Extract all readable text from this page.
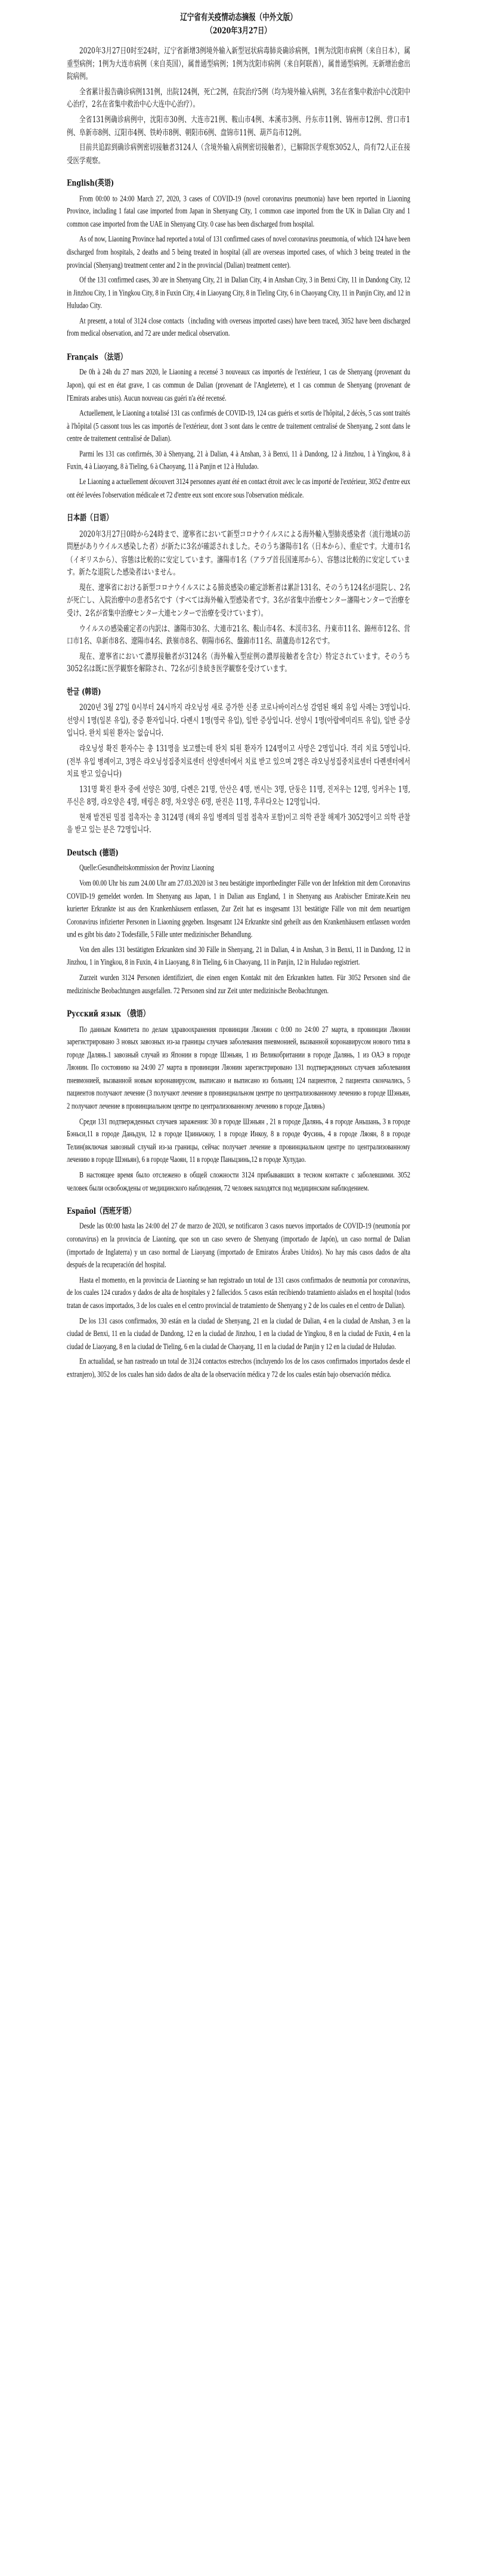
辽宁省有关疫情动态摘报（中外文版）
（2020年3月27日）

2020年3月27日0时至24时，辽宁省新增3例境外输入新型冠状病毒肺炎确诊病例，1例为沈阳市病例（来自日本），属重型病例；1例为大连市病例（来自英国），属普通型病例；1例为沈阳市病例（来自阿联酋），属普通型病例。无新增治愈出院病例。

全省累计报告确诊病例131例，出院124例，死亡2例，在院治疗5例（均为境外输入病例，3名在省集中救治中心沈阳中心治疗，2名在省集中救治中心大连中心治疗）。

全省131例确诊病例中，沈阳市30例、大连市21例、鞍山市4例、本溪市3例、丹东市11例、锦州市12例、营口市1例、阜新市8例、辽阳市4例、铁岭市8例、朝阳市6例、盘锦市11例、葫芦岛市12例。

目前共追踪到确诊病例密切接触者3124人（含境外输入病例密切接触者），已解除医学观察3052人，尚有72人正在接受医学观察。

English(英语)

From 00:00 to 24:00 March 27, 2020, 3 cases of COVID-19 (novel coronavirus pneumonia) have been reported in Liaoning Province, including 1 fatal case imported from Japan in Shenyang City, 1 common case imported from the UK in Dalian City and 1 common case imported from the UAE in Shenyang City. 0 case has been discharged from hospital.

As of now, Liaoning Province had reported a total of 131 confirmed cases of novel coronavirus pneumonia, of which 124 have been discharged from hospitals, 2 deaths and 5 being treated in hospital (all are overseas imported cases, of which 3 being treated in the provincial (Shenyang) treatment center and 2 in the provincial (Dalian) treatment center).

Of the 131 confirmed cases, 30 are in Shenyang City, 21 in Dalian City, 4 in Anshan City, 3 in Benxi City, 11 in Dandong City, 12 in Jinzhou City, 1 in Yingkou City, 8 in Fuxin City, 4 in Liaoyang City, 8 in Tieling City, 6 in Chaoyang City, 11 in Panjin City, and 12 in Huludao City.

At present, a total of 3124 close contacts（including with overseas imported cases) have been traced, 3052 have been discharged from medical observation, and 72 are under medical observation.

Français （法语）

De 0h à 24h du 27 mars 2020, le Liaoning a recensé 3 nouveaux cas importés de l'extérieur, 1 cas de Shenyang (provenant du Japon), qui est en état grave, 1 cas commun de Dalian (provenant de l'Angleterre), et 1 cas commun de Shenyang (provenant de l'Emirats arabes unis). Aucun nouveau cas guéri n'a été recensé.

Actuellement, le Liaoning a totalisé 131 cas confirmés de COVID-19, 124 cas guéris et sortis de l'hôpital, 2 décès, 5 cas sont traités à l'hôpital (5 cassont tous les cas importés de l'extérieur, dont 3 sont dans le centre de traitement centralisé de Shenyang, 2 sont dans le centre de traitement centralisé de Dalian).

Parmi les 131 cas confirmés, 30 à Shenyang, 21 à Dalian, 4 à Anshan, 3 à Benxi, 11 à Dandong, 12 à Jinzhou, 1 à Yingkou, 8 à Fuxin, 4 à Liaoyang, 8 à Tieling, 6 à Chaoyang, 11 à Panjin et 12 à Huludao.

Le Liaoning a actuellement découvert 3124 personnes ayant été en contact étroit avec le cas importé de l'extérieur, 3052 d'entre eux ont été levées l'observation médicale et 72 d'entre eux sont encore sous l'observation médicale.

日本語（日语）

2020年3月27日0時から24時まで、遼寧省において新型コロナウイルスによる海外輸入型肺炎感染者（流行地域の訪問歴がありウイルス感染した者）が新たに3名が確認されました。そのうち瀋陽市1名（日本から）、重症です。大連市1名（イギリスから）、容態は比較的に安定しています。瀋陽市1名（アラブ首長国連邦から）、容態は比較的に安定しています。新たな退院した感染者はいません。

現在、遼寧省における新型コロナウイルスによる肺炎感染の確定診断者は累計131名、そのうち124名が退院し、2名が死亡し、入院治療中の患者5名です（すべては海外輸入型感染者です。3名が省集中治療センター瀋陽センターで治療を受け、2名が省集中治療センター大連センターで治療を受けています）。

ウイルスの感染確定者の内訳は、瀋陽市30名、大連市21名、鞍山市4名、本渓市3名、丹東市11名、錦州市12名、営口市1名、阜新市8名、遼陽市4名、鉄嶺市8名、朝陽市6名、盤錦市11名、葫蘆島市12名です。

現在、遼寧省において濃厚接触者が3124名（海外輸入型症例の濃厚接触者を含む）特定されています。そのうち3052名は既に医学観察を解除され、72名が引き続き医学観察を受けています。

한글 (韩语)

2020년 3월 27일 0시부터 24시까지 랴오닝성 새로 증가한 신종 코로나바이러스성 감염된 해외 유입 사례는 3명입니다. 선양시 1명(일본 유입), 중증 환자입니다. 다롄시 1명(영국 유입), 일반 증상입니다. 선양시 1명(아랍에미리트 유입), 일반 증상입니다. 완치 퇴원 환자는 없습니다.

랴오닝성 확진 환자수는 총 131명을 보고했는데 완치 퇴원 환자가 124명이고 사망은 2명입니다. 격리 치료 5명입니다.(전부 유입 병례이고, 3명은 랴오닝성집중치료센터 선양센터에서 치료 받고 있으며 2명은 랴오닝성집중치료센터 다롄센터에서 치료 받고 있습니다)

131명 확진 환자 중에 선양은 30명, 다롄은 21명, 안산은 4명, 번시는 3명, 단둥은 11명, 진저우는 12명, 잉커우는 1명, 푸신은 8명, 랴오양은 4명, 톄링은 8명, 차오양은 6명, 판진은 11명, 후루다오는 12명입니다.

현재 발견된 밀접 접촉자는 총 3124명 (해외 유입 병례의 밀접 접촉자 포함)이고 의학 관찰 해제가 3052명이고 의학 관찰을 받고 있는 분은 72명입니다.

Deutsch (德语)

Quelle:Gesundheitskommission der Provinz Liaoning

Vom 00.00 Uhr bis zum 24.00 Uhr am 27.03.2020 ist 3 neu bestätigte importbedingter Fälle von der Infektion mit dem Coronavirus COVID-19 gemeldet worden. Im Shenyang aus Japan, 1 in Dalian aus England, 1 in Shenyang aus Arabischer Emirate.Kein neu kurierter Erkrankte ist aus den Krankenhäusern entlassen, Zur Zeit hat es insgesamt 131 bestätigte Fälle von mit dem neuartigen Coronavirus infizierter Personen in Liaoning gegeben. Insgesamt 124 Erkrankte sind geheilt aus den Krankenhäusern entlassen worden und es gibt bis dato 2 Todesfälle, 5 Fälle unter medizinischer Behandlung.

Von den alles 131 bestätigten Erkrankten sind 30 Fälle in Shenyang, 21 in Dalian, 4 in Anshan, 3 in Benxi, 11 in Dandong, 12 in Jinzhou, 1 in Yingkou, 8 in Fuxin, 4 in Liaoyang, 8 in Tieling, 6 in Chaoyang, 11 in Panjin, 12 in Huludao registriert.

Zurzeit wurden 3124 Personen identifiziert, die einen engen Kontakt mit den Erkrankten hatten. Für 3052 Personen sind die medizinische Beobachtungen ausgefallen. 72 Personen sind zur Zeit unter medizinische Beobachtungen.

Русский язык （俄语）

По данным Комитета по делам здравоохранения провинции Ляонин с 0:00 по 24:00 27 марта, в провинции Ляонин зарегистрировано 3 новых завозных из-за границы случаев заболевания пневмонией, вызванной коронавирусом нового типа в городе Далянь.1 завозный случай из Японии в городе Шэньян, 1 из Великобритании в городе Далянь, 1 из ОАЭ в городе Ляонин. По состоянию на 24:00 27 марта в провинции Ляонин зарегистрировано 131 подтвержденных случаев заболевания пневмонией, вызванной новым коронавирусом, выписано и выписано из больниц 124 пациентов, 2 пациента скончались, 5 пациентов получают лечение (3 получают лечение в провинциальном центре по централизованному лечению в городе Шэньян, 2 получают лечение в провинциальном центре по централизованному лечению в городе Далянь)

Среди 131 подтвержденных случаев заражения: 30 в городе Шэньян , 21 в городе Далянь, 4 в городе Аньшань, 3 в городе Бэньси,11 в городе Даньдун, 12 в городе Цзиньчжоу, 1 в городе Инкоу, 8 в городе Фусинь, 4 в городе Ляоян, 8 в городе Телин(включая завозный случай из-за границы, сейчас получает лечение в провинциальном центре по централизованному лечению в городе Шэньян), 6 в городе Чаоян, 11 в городе Паньцзинь,12 в городе Хулудао.

В настоящее время было отслежено в общей сложности 3124 прибывавших в тесном контакте с заболевшими. 3052 человек были освобождены от медицинского наблюдения, 72 человек находятся под медицинским наблюдением.

Español（西班牙语）

Desde las 00:00 hasta las 24:00 del 27 de marzo de 2020, se notificaron 3 casos nuevos importados de COVID-19 (neumonía por coronavirus) en la provincia de Liaoning, que son un caso severo de Shenyang (importado de Japón), un caso normal de Dalian (importado de Inglaterra) y un caso normal de Liaoyang (importado de Emiratos Árabes Unidos). No hay más casos dados de alta después de la recuperación del hospital.

Hasta el momento, en la provincia de Liaoning se han registrado un total de 131 casos confirmados de neumonía por coronavirus, de los cuales 124 curados y dados de alta de hospitales y 2 fallecidos. 5 casos están recibiendo tratamiento aislados en el hospital (todos tratan de casos importados, 3 de los cuales en el centro provincial de tratamiento de Shenyang y 2 de los cuales en el centro de Dalian).

De los 131 casos confirmados, 30 están en la ciudad de Shenyang, 21 en la ciudad de Dalian, 4 en la ciudad de Anshan, 3 en la ciudad de Benxi, 11 en la ciudad de Dandong, 12 en la ciudad de Jinzhou, 1 en la ciudad de Yingkou, 8 en la ciudad de Fuxin, 4 en la ciudad de Liaoyang, 8 en la ciudad de Tieling, 6 en la ciudad de Chaoyang, 11 en la ciudad de Panjin y 12 en la ciudad de Huludao.

En actualidad, se han rastreado un total de 3124 contactos estrechos (incluyendo los de los casos confirmados importados desde el extranjero), 3052 de los cuales han sido dados de alta de la observación médica y 72 de los cuales están bajo observación médica.
